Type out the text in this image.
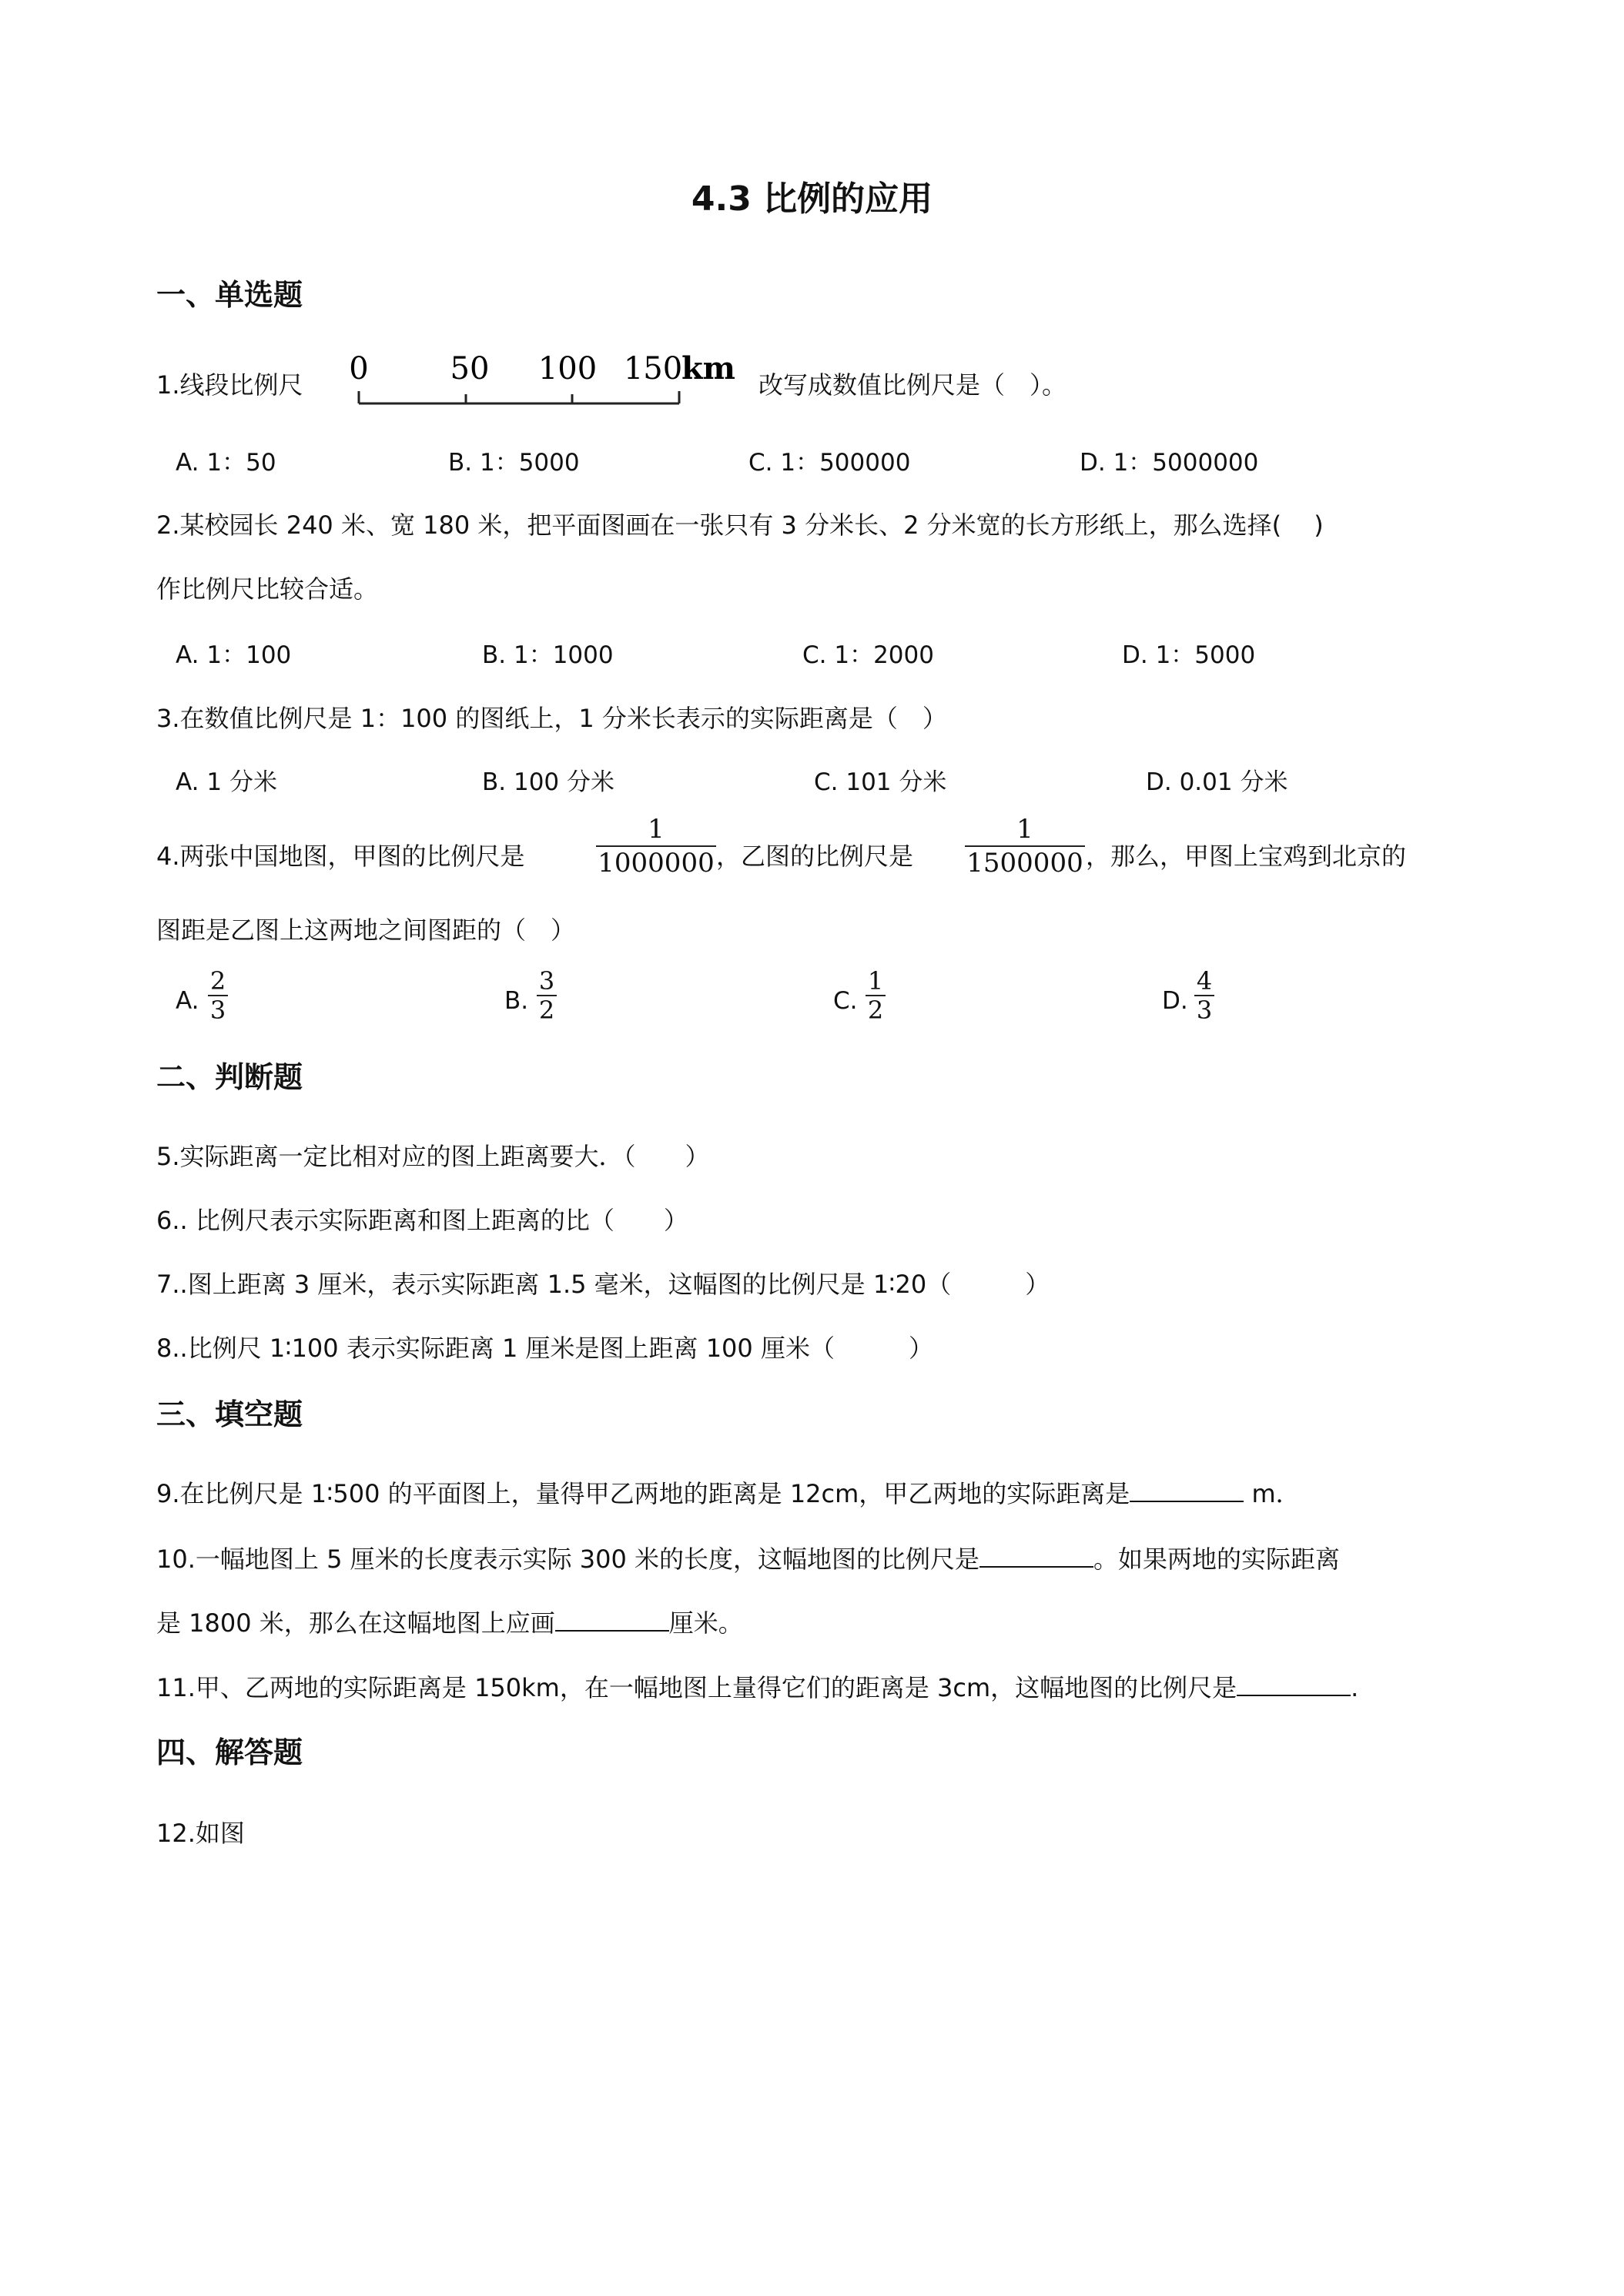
4.3 比例的应用
一、单选题
1.线段比例尺 0	50 100 150
km 改写成数值比例尺是（　）。
A. 1：50	B. 1：5000	C. 1：500000	D. 1：5000000
2.某校园长 240 米、宽 180 米，把平面图画在一张只有 3 分米长、2 分米宽的长方形纸上，那么选择(　 )
作比例尺比较合适。
A. 1：100	B. 1：1000	C. 1：2000	D. 1：5000
3.在数值比例尺是 1：100 的图纸上，1 分米长表示的实际距离是（　）
A. 1 分米	B. 100 分米	C. 101 分米	D. 0.01 分米
4.两张中国地图，甲图的比例尺是
1
1000000 ，乙图的比例尺是
1
1500000 ，那么，甲图上宝鸡到北京的
图距是乙图上这两地之间图距的（　）
A.
2
3	B.
3
2	C.
1
2	D.
4
3
二、判断题
5.实际距离一定比相对应的图上距离要大．（　　）
6.. 比例尺表示实际距离和图上距离的比（　　）
7..图上距离 3 厘米，表示实际距离 1.5 毫米，这幅图的比例尺是 1∶20（　　　）
8..比例尺 1∶100 表示实际距离 1 厘米是图上距离 100 厘米（　　　）
三、填空题
9.在比例尺是 1∶500 的平面图上，量得甲乙两地的距离是 12cm，甲乙两地的实际距离是	m．
10.一幅地图上 5 厘米的长度表示实际 300 米的长度，这幅地图的比例尺是	。如果两地的实际距离
是 1800 米，那么在这幅地图上应画	厘米。
11.甲、乙两地的实际距离是 150km，在一幅地图上量得它们的距离是 3cm，这幅地图的比例尺是	.
四、解答题
12.如图
